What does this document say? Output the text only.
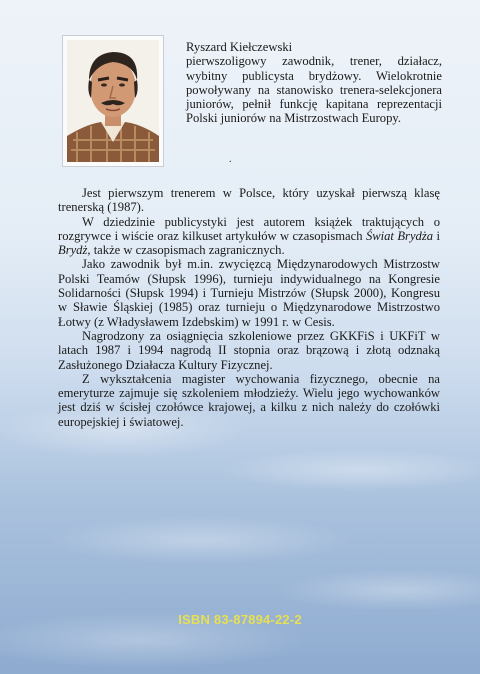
Ryszard Kiełczewski
pierwszoligowy zawodnik, trener, działacz, wybitny publicysta brydżowy. Wielokrotnie powoływany na stanowisko trenera-selekcjonera juniorów, pełnił funkcję kapitana reprezentacji Polski juniorów na Mistrzostwach Europy.
.

Jest pierwszym trenerem w Polsce, który uzyskał pierwszą klasę trenerską (1987).

W dziedzinie publicystyki jest autorem książek traktujących o rozgrywce i wiście oraz kilkuset artykułów w czasopismach Świat Brydża i Brydż, także w czasopismach zagranicznych.

Jako zawodnik był m.in. zwycięzcą Międzynarodowych Mistrzostw Polski Teamów (Słupsk 1996), turnieju indywidualnego na Kongresie Solidarności (Słupsk 1994) i Turnieju Mistrzów (Słupsk 2000), Kongresu w Sławie Śląskiej (1985) oraz turnieju o Międzynarodowe Mistrzostwo Łotwy (z Władysławem Izdebskim) w 1991 r. w Cesis.

Nagrodzony za osiągnięcia szkoleniowe przez GKKFiS i UKFiT w latach 1987 i 1994 nagrodą II stopnia oraz brązową i złotą odznaką Zasłużonego Działacza Kultury Fizycznej.

Z wykształcenia magister wychowania fizycznego, obecnie na emeryturze zajmuje się szkoleniem młodzieży. Wielu jego wychowanków jest dziś w ścisłej czołówce krajowej, a kilku z nich należy do czołówki europejskiej i światowej.

ISBN 83-87894-22-2
